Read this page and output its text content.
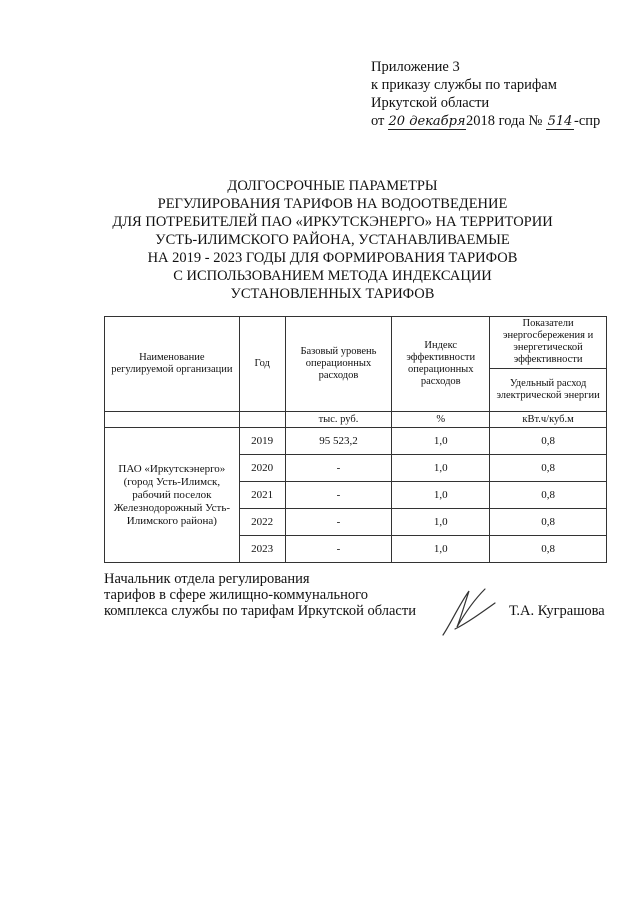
Приложение 3
к приказу службы по тарифам
Иркутской области
от 20 декабря2018 года № 514 -спр
ДОЛГОСРОЧНЫЕ ПАРАМЕТРЫ
РЕГУЛИРОВАНИЯ ТАРИФОВ НА ВОДООТВЕДЕНИЕ
ДЛЯ ПОТРЕБИТЕЛЕЙ ПАО «ИРКУТСКЭНЕРГО» НА ТЕРРИТОРИИ
УСТЬ-ИЛИМСКОГО РАЙОНА, УСТАНАВЛИВАЕМЫЕ
НА 2019 - 2023 ГОДЫ ДЛЯ ФОРМИРОВАНИЯ ТАРИФОВ
С ИСПОЛЬЗОВАНИЕМ МЕТОДА ИНДЕКСАЦИИ
УСТАНОВЛЕННЫХ ТАРИФОВ
Наименование регулируемой организации	Год	Базовый уровень операционных расходов	Индекс эффективности операционных расходов	Показатели энергосбережения и энергетической эффективности
				Удельный расход электрической энергии
		тыс. руб.	%	кВт.ч/куб.м
ПАО «Иркутскэнерго» (город Усть-Илимск, рабочий поселок Железнодорожный Усть-Илимского района)	2019	95 523,2	1,0	0,8
	2020	-	1,0	0,8
	2021	-	1,0	0,8
	2022	-	1,0	0,8
	2023	-	1,0	0,8
Начальник отдела регулирования
тарифов в сфере жилищно-коммунального
комплекса службы по тарифам Иркутской области	Т.А. Куграшова
